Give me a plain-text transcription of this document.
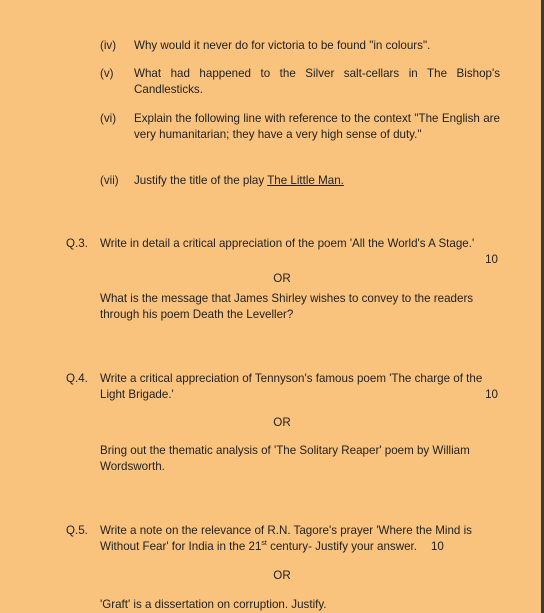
(iv) Why would it never do for victoria to be found "in colours".
(v) What had happened to the Silver salt-cellars in The Bishop's Candlesticks.
(vi) Explain the following line with reference to the context "The English are very humanitarian; they have a very high sense of duty."
(vii) Justify the title of the play The Little Man.
Q.3. Write in detail a critical appreciation of the poem 'All the World's A Stage.'
10
OR
What is the message that James Shirley wishes to convey to the readers through his poem Death the Leveller?
Q.4. Write a critical appreciation of Tennyson's famous poem 'The charge of the Light Brigade.'	10
OR
Bring out the thematic analysis of 'The Solitary Reaper' poem by William Wordsworth.
Q.5. Write a note on the relevance of R.N. Tagore's prayer 'Where the Mind is Without Fear' for India in the 21st century- Justify your answer. 10
OR
'Graft' is a dissertation on corruption. Justify.
